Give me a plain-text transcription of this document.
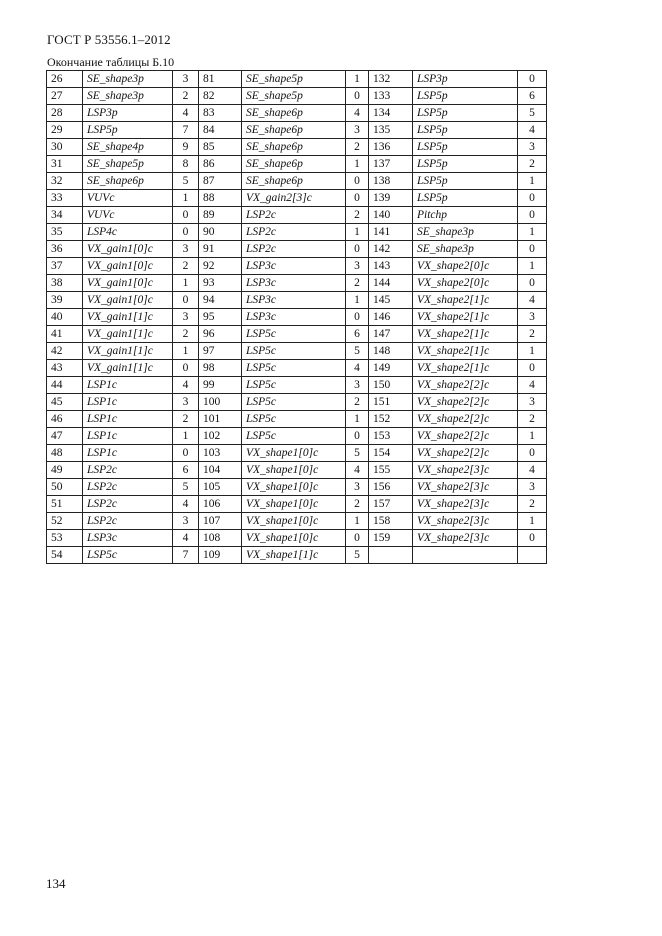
ГОСТ Р 53556.1–2012
Окончание таблицы Б.10
26	SE_shape3p	3	81	SE_shape5p	1	132	LSP3p	0
27	SE_shape3p	2	82	SE_shape5p	0	133	LSP5p	6
28	LSP3p	4	83	SE_shape6p	4	134	LSP5p	5
29	LSP5p	7	84	SE_shape6p	3	135	LSP5p	4
30	SE_shape4p	9	85	SE_shape6p	2	136	LSP5p	3
31	SE_shape5p	8	86	SE_shape6p	1	137	LSP5p	2
32	SE_shape6p	5	87	SE_shape6p	0	138	LSP5p	1
33	VUVc	1	88	VX_gain2[3]c	0	139	LSP5p	0
34	VUVc	0	89	LSP2c	2	140	Pitchp	0
35	LSP4c	0	90	LSP2c	1	141	SE_shape3p	1
36	VX_gain1[0]c	3	91	LSP2c	0	142	SE_shape3p	0
37	VX_gain1[0]c	2	92	LSP3c	3	143	VX_shape2[0]c	1
38	VX_gain1[0]c	1	93	LSP3c	2	144	VX_shape2[0]c	0
39	VX_gain1[0]c	0	94	LSP3c	1	145	VX_shape2[1]c	4
40	VX_gain1[1]c	3	95	LSP3c	0	146	VX_shape2[1]c	3
41	VX_gain1[1]c	2	96	LSP5c	6	147	VX_shape2[1]c	2
42	VX_gain1[1]c	1	97	LSP5c	5	148	VX_shape2[1]c	1
43	VX_gain1[1]c	0	98	LSP5c	4	149	VX_shape2[1]c	0
44	LSP1c	4	99	LSP5c	3	150	VX_shape2[2]c	4
45	LSP1c	3	100	LSP5c	2	151	VX_shape2[2]c	3
46	LSP1c	2	101	LSP5c	1	152	VX_shape2[2]c	2
47	LSP1c	1	102	LSP5c	0	153	VX_shape2[2]c	1
48	LSP1c	0	103	VX_shape1[0]c	5	154	VX_shape2[2]c	0
49	LSP2c	6	104	VX_shape1[0]c	4	155	VX_shape2[3]c	4
50	LSP2c	5	105	VX_shape1[0]c	3	156	VX_shape2[3]c	3
51	LSP2c	4	106	VX_shape1[0]c	2	157	VX_shape2[3]c	2
52	LSP2c	3	107	VX_shape1[0]c	1	158	VX_shape2[3]c	1
53	LSP3c	4	108	VX_shape1[0]c	0	159	VX_shape2[3]c	0
54	LSP5c	7	109	VX_shape1[1]c	5			
134
